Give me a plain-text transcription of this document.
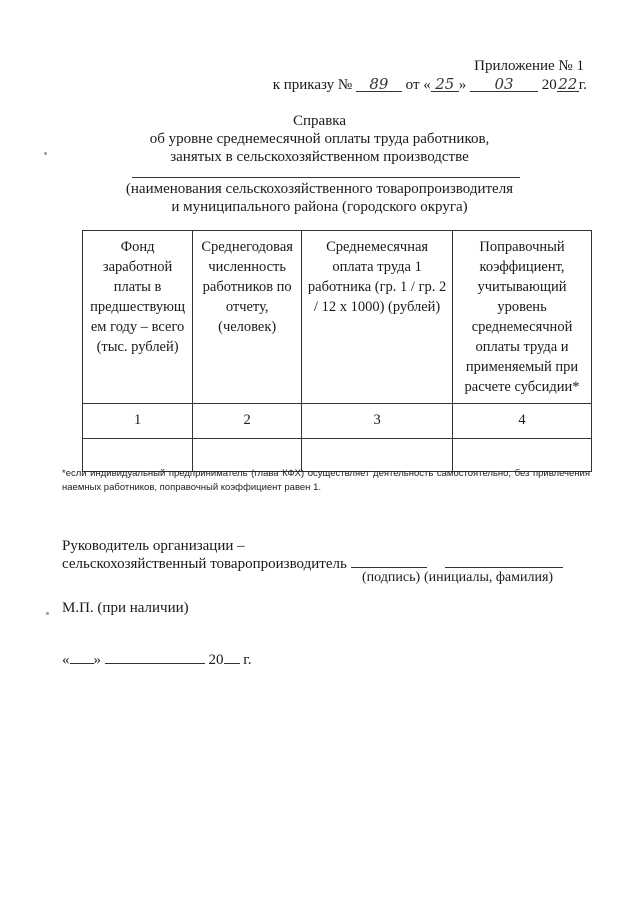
Приложение № 1
к приказу № 89 от « 25 » 03 2022г.
Справка
об уровне среднемесячной оплаты труда работников,
занятых в сельскохозяйственном производстве
(наименования сельскохозяйственного товаропроизводителя
и муниципального района (городского округа)
Фонд заработной платы в предшествующ ем году – всего (тыс. рублей)	Среднегодовая численность работников по отчету, (человек)	Среднемесячная оплата труда 1 работника (гр. 1 / гр. 2 / 12 х 1000) (рублей)	Поправочный коэффициент, учитывающий уровень среднемесячной оплаты труда и применяемый при расчете субсидии*
1	2	3	4

*если индивидуальный предприниматель (глава КФХ) осуществляет деятельность самостоятельно, без привлечения наемных работников, поправочный коэффициент равен 1.
Руководитель организации –
сельскохозяйственный товаропроизводитель
(подпись) (инициалы, фамилия)
М.П. (при наличии)
« »	20 г.
